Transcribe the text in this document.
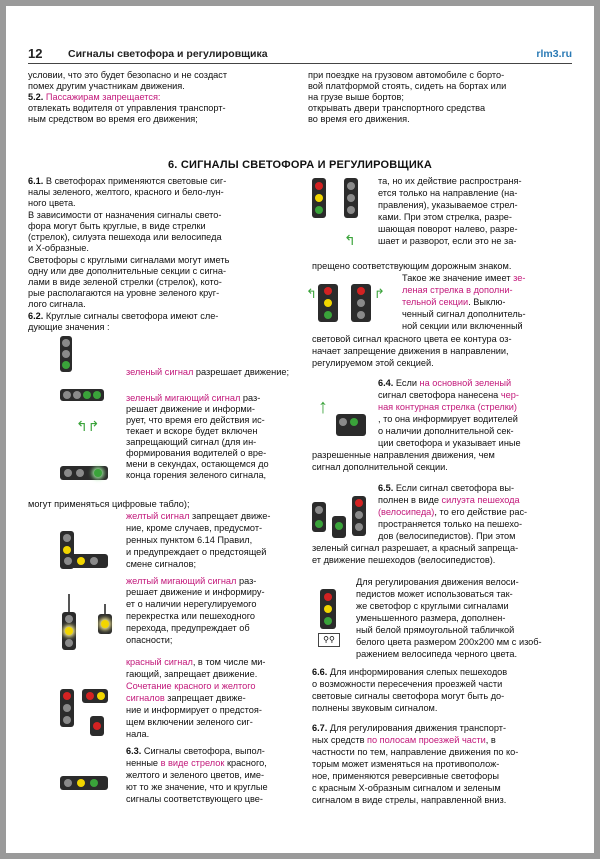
12 Сигналы светофора и регулировщика	rlm3.ru
условии, что это будет безопасно и не создаст
помех другим участникам движения.
5.2. Пассажирам запрещается:
отвлекать водителя от управления транспорт-
ным средством во время его движения;
при поездке на грузовом автомобиле с борто-
вой платформой стоять, сидеть на бортах или
на грузе выше бортов;
открывать двери транспортного средства
во время его движения.
6. СИГНАЛЫ СВЕТОФОРА И РЕГУЛИРОВЩИКА
6.1. В светофорах применяются световые сиг-
налы зеленого, желтого, красного и бело-лун-
ного цвета.
В зависимости от назначения сигналы свето-
фора могут быть круглые, в виде стрелки
(стрелок), силуэта пешехода или велосипеда
и Х-образные.
Светофоры с круглыми сигналами могут иметь
одну или две дополнительные секции с сигна-
лами в виде зеленой стрелки (стрелок), кото-
рые располагаются на уровне зеленого круг-
лого сигнала.
6.2. Круглые сигналы светофора имеют сле-
дующие значения :
↰↱
зеленый сигнал разрешает движение;
зеленый мигающий сигнал раз-
решает движение и информи-
рует, что время его действия ис-
текает и вскоре будет включен
запрещающий сигнал (для ин-
формирования водителей о вре-
мени в секундах, остающемся до
конца горения зеленого сигнала,
могут применяться цифровые табло);
желтый сигнал запрещает движе-
ние, кроме случаев, предусмот-
ренных пунктом 6.14 Правил,
и предупреждает о предстоящей
смене сигналов;
желтый мигающий сигнал раз-
решает движение и информиру-
ет о наличии нерегулируемого
перекрестка или пешеходного
перехода, предупреждает об
опасности;
красный сигнал, в том числе ми-
гающий, запрещает движение.
Сочетание красного и желтого
сигналов запрещает движе-
ние и информирует о предстоя-
щем включении зеленого сиг-
нала.
6.3. Сигналы светофора, выпол-
ненные в виде стрелок красного,
желтого и зеленого цветов, име-
ют то же значение, что и круглые
сигналы соответствующего цве-
↰
↱
↰
↑
⚲⚲
та, но их действие распространя-
ется только на направление (на-
правления), указываемое стрел-
ками. При этом стрелка, разре-
шающая поворот налево, разре-
шает и разворот, если это не за-
прещено соответствующим дорожным знаком.
Такое же значение имеет зе-
леная стрелка в дополни-
тельной секции. Выклю-
ченный сигнал дополнитель-
ной секции или включенный
световой сигнал красного цвета ее контура оз-
начает запрещение движения в направлении,
регулируемом этой секцией.
6.4. Если на основной зеленый
сигнал светофора нанесена чер-
ная контурная стрелка (стрелки)
, то она информирует водителей
о наличии дополнительной сек-
ции светофора и указывает иные
разрешенные направления движения, чем
сигнал дополнительной секции.
6.5. Если сигнал светофора вы-
полнен в виде силуэта пешехода
(велосипеда), то его действие рас-
пространяется только на пешехо-
дов (велосипедистов). При этом
зеленый сигнал разрешает, а красный запреща-
ет движение пешеходов (велосипедистов).
Для регулирования движения велоси-
педистов может использоваться так-
же светофор с круглыми сигналами
уменьшенного размера, дополнен-
ный белой прямоугольной табличкой
белого цвета размером 200х200 мм с изоб-
ражением велосипеда черного цвета.
6.6. Для информирования слепых пешеходов
о возможности пересечения проезжей части
световые сигналы светофора могут быть до-
полнены звуковым сигналом.
6.7. Для регулирования движения транспорт-
ных средств по полосам проезжей части, в
частности по тем, направление движения по ко-
торым может изменяться на противополож-
ное, применяются реверсивные светофоры
с красным Х-образным сигналом и зеленым
сигналом в виде стрелы, направленной вниз.
